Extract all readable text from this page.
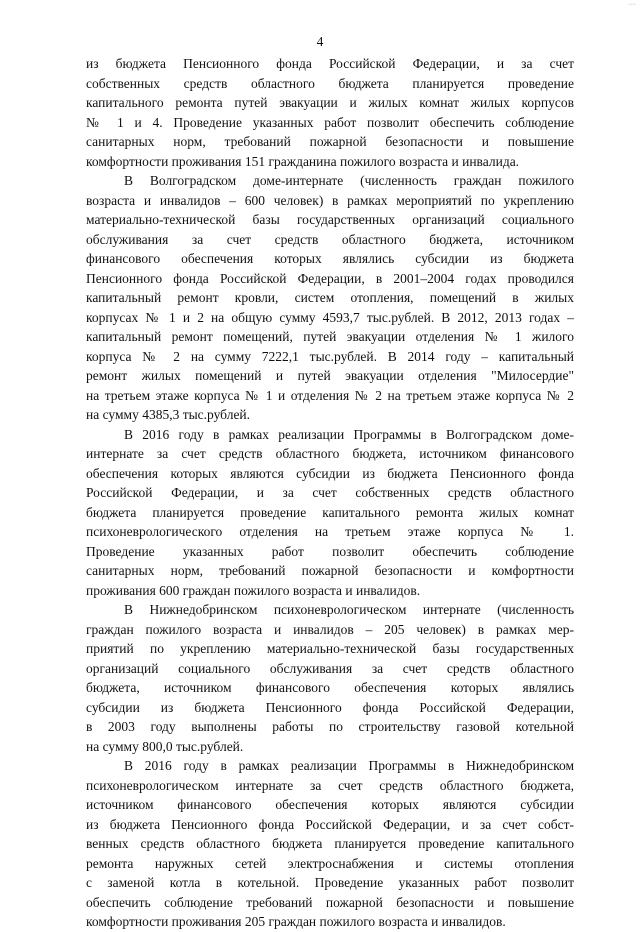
~~
4

из бюджета Пенсионного фонда Российской Федерации, и за счет

собственных средств областного бюджета планируется проведение

капитального ремонта путей эвакуации и жилых комнат жилых корпусов

№ 1 и 4. Проведение указанных работ позволит обеспечить соблюдение

санитарных норм, требований пожарной безопасности и повышение

комфортности проживания 151 гражданина пожилого возраста и инвалида.

В Волгоградском доме-интернате (численность граждан пожилого

возраста и инвалидов – 600 человек) в рамках мероприятий по укреплению

материально-технической базы государственных организаций социального

обслуживания за счет средств областного бюджета, источником

финансового обеспечения которых являлись субсидии из бюджета

Пенсионного фонда Российской Федерации, в 2001–2004 годах проводился

капитальный ремонт кровли, систем отопления, помещений в жилых

корпусах № 1 и 2 на общую сумму 4593,7 тыс.рублей. В 2012, 2013 годах –

капитальный ремонт помещений, путей эвакуации отделения № 1 жилого

корпуса № 2 на сумму 7222,1 тыс.рублей. В 2014 году – капитальный

ремонт жилых помещений и путей эвакуации отделения "Милосердие"

на третьем этаже корпуса № 1 и отделения № 2 на третьем этаже корпуса № 2

на сумму 4385,3 тыс.рублей.

В 2016 году в рамках реализации Программы в Волгоградском доме-

интернате за счет средств областного бюджета, источником финансового

обеспечения которых являются субсидии из бюджета Пенсионного фонда

Российской Федерации, и за счет собственных средств областного

бюджета планируется проведение капитального ремонта жилых комнат

психоневрологического отделения на третьем этаже корпуса № 1.

Проведение указанных работ позволит обеспечить соблюдение

санитарных норм, требований пожарной безопасности и комфортности

проживания 600 граждан пожилого возраста и инвалидов.

В Нижнедобринском психоневрологическом интернате (численность

граждан пожилого возраста и инвалидов – 205 человек) в рамках мер-

приятий по укреплению материально-технической базы государственных

организаций социального обслуживания за счет средств областного

бюджета, источником финансового обеспечения которых являлись

субсидии из бюджета Пенсионного фонда Российской Федерации,

в 2003 году выполнены работы по строительству газовой котельной

на сумму 800,0 тыс.рублей.

В 2016 году в рамках реализации Программы в Нижнедобринском

психоневрологическом интернате за счет средств областного бюджета,

источником финансового обеспечения которых являются субсидии

из бюджета Пенсионного фонда Российской Федерации, и за счет собст-

венных средств областного бюджета планируется проведение капитального

ремонта наружных сетей электроснабжения и системы отопления

с заменой котла в котельной. Проведение указанных работ позволит

обеспечить соблюдение требований пожарной безопасности и повышение

комфортности проживания 205 граждан пожилого возраста и инвалидов.
